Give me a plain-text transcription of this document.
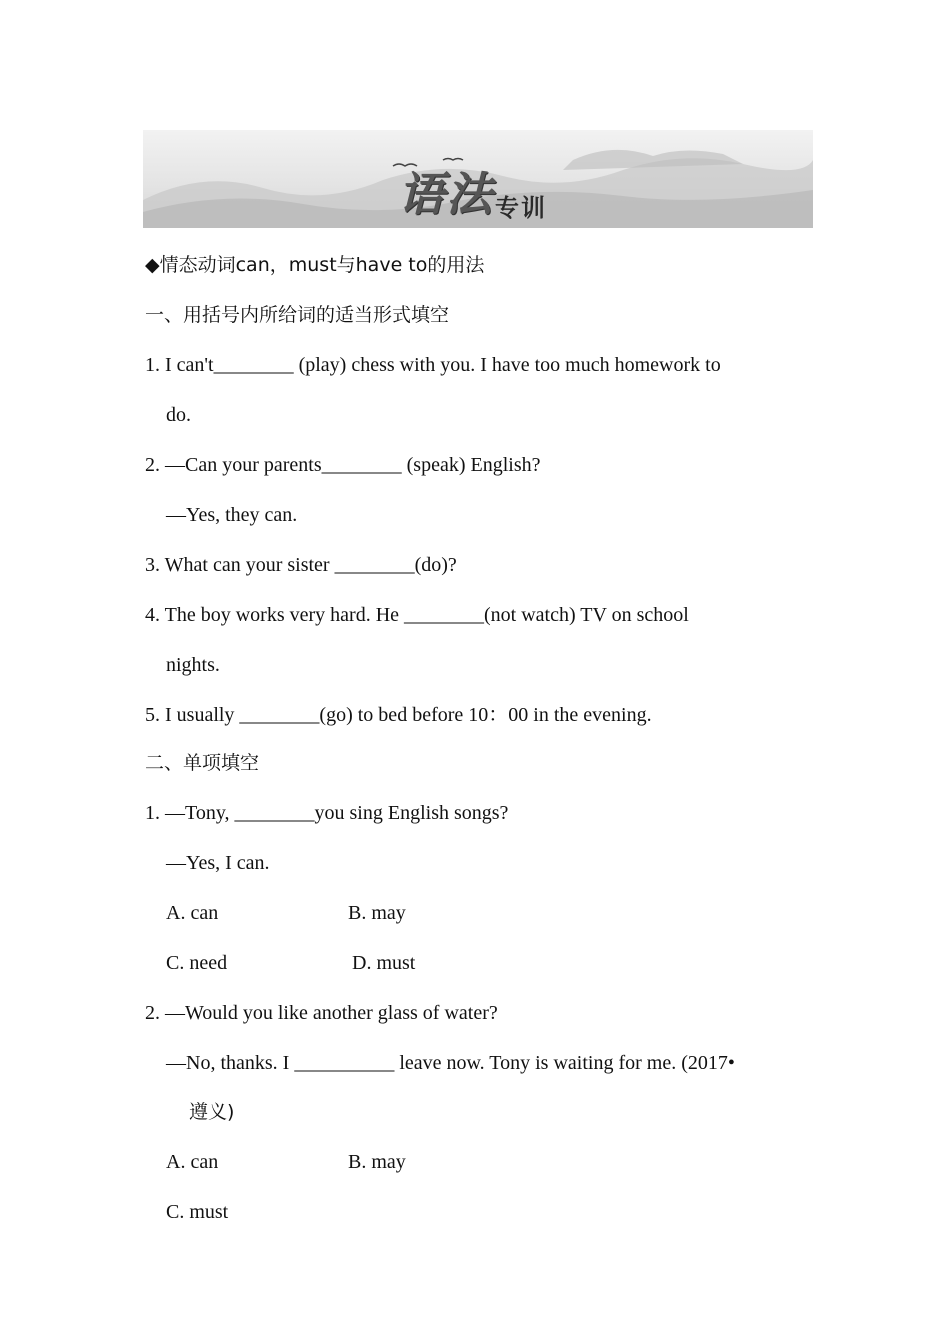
语法 专训
◆情态动词can，must与have to的用法
一、用括号内所给词的适当形式填空
1. I can't________ (play) chess with you. I have too much homework to
do.
2. —Can your parents________ (speak) English?
—Yes, they can.
3. What can your sister ________(do)?
4. The boy works very hard. He ________(not watch) TV on school
nights.
5. I usually ________(go) to bed before 10：00 in the evening.
二、单项填空
1. —Tony, ________you sing English songs?
—Yes, I can.
A. can	B. may
C. need	D. must
2. —Would you like another glass of water?
—No, thanks. I __________ leave now. Tony is waiting for me. (2017•
遵义)
A. can	B. may
C. must
